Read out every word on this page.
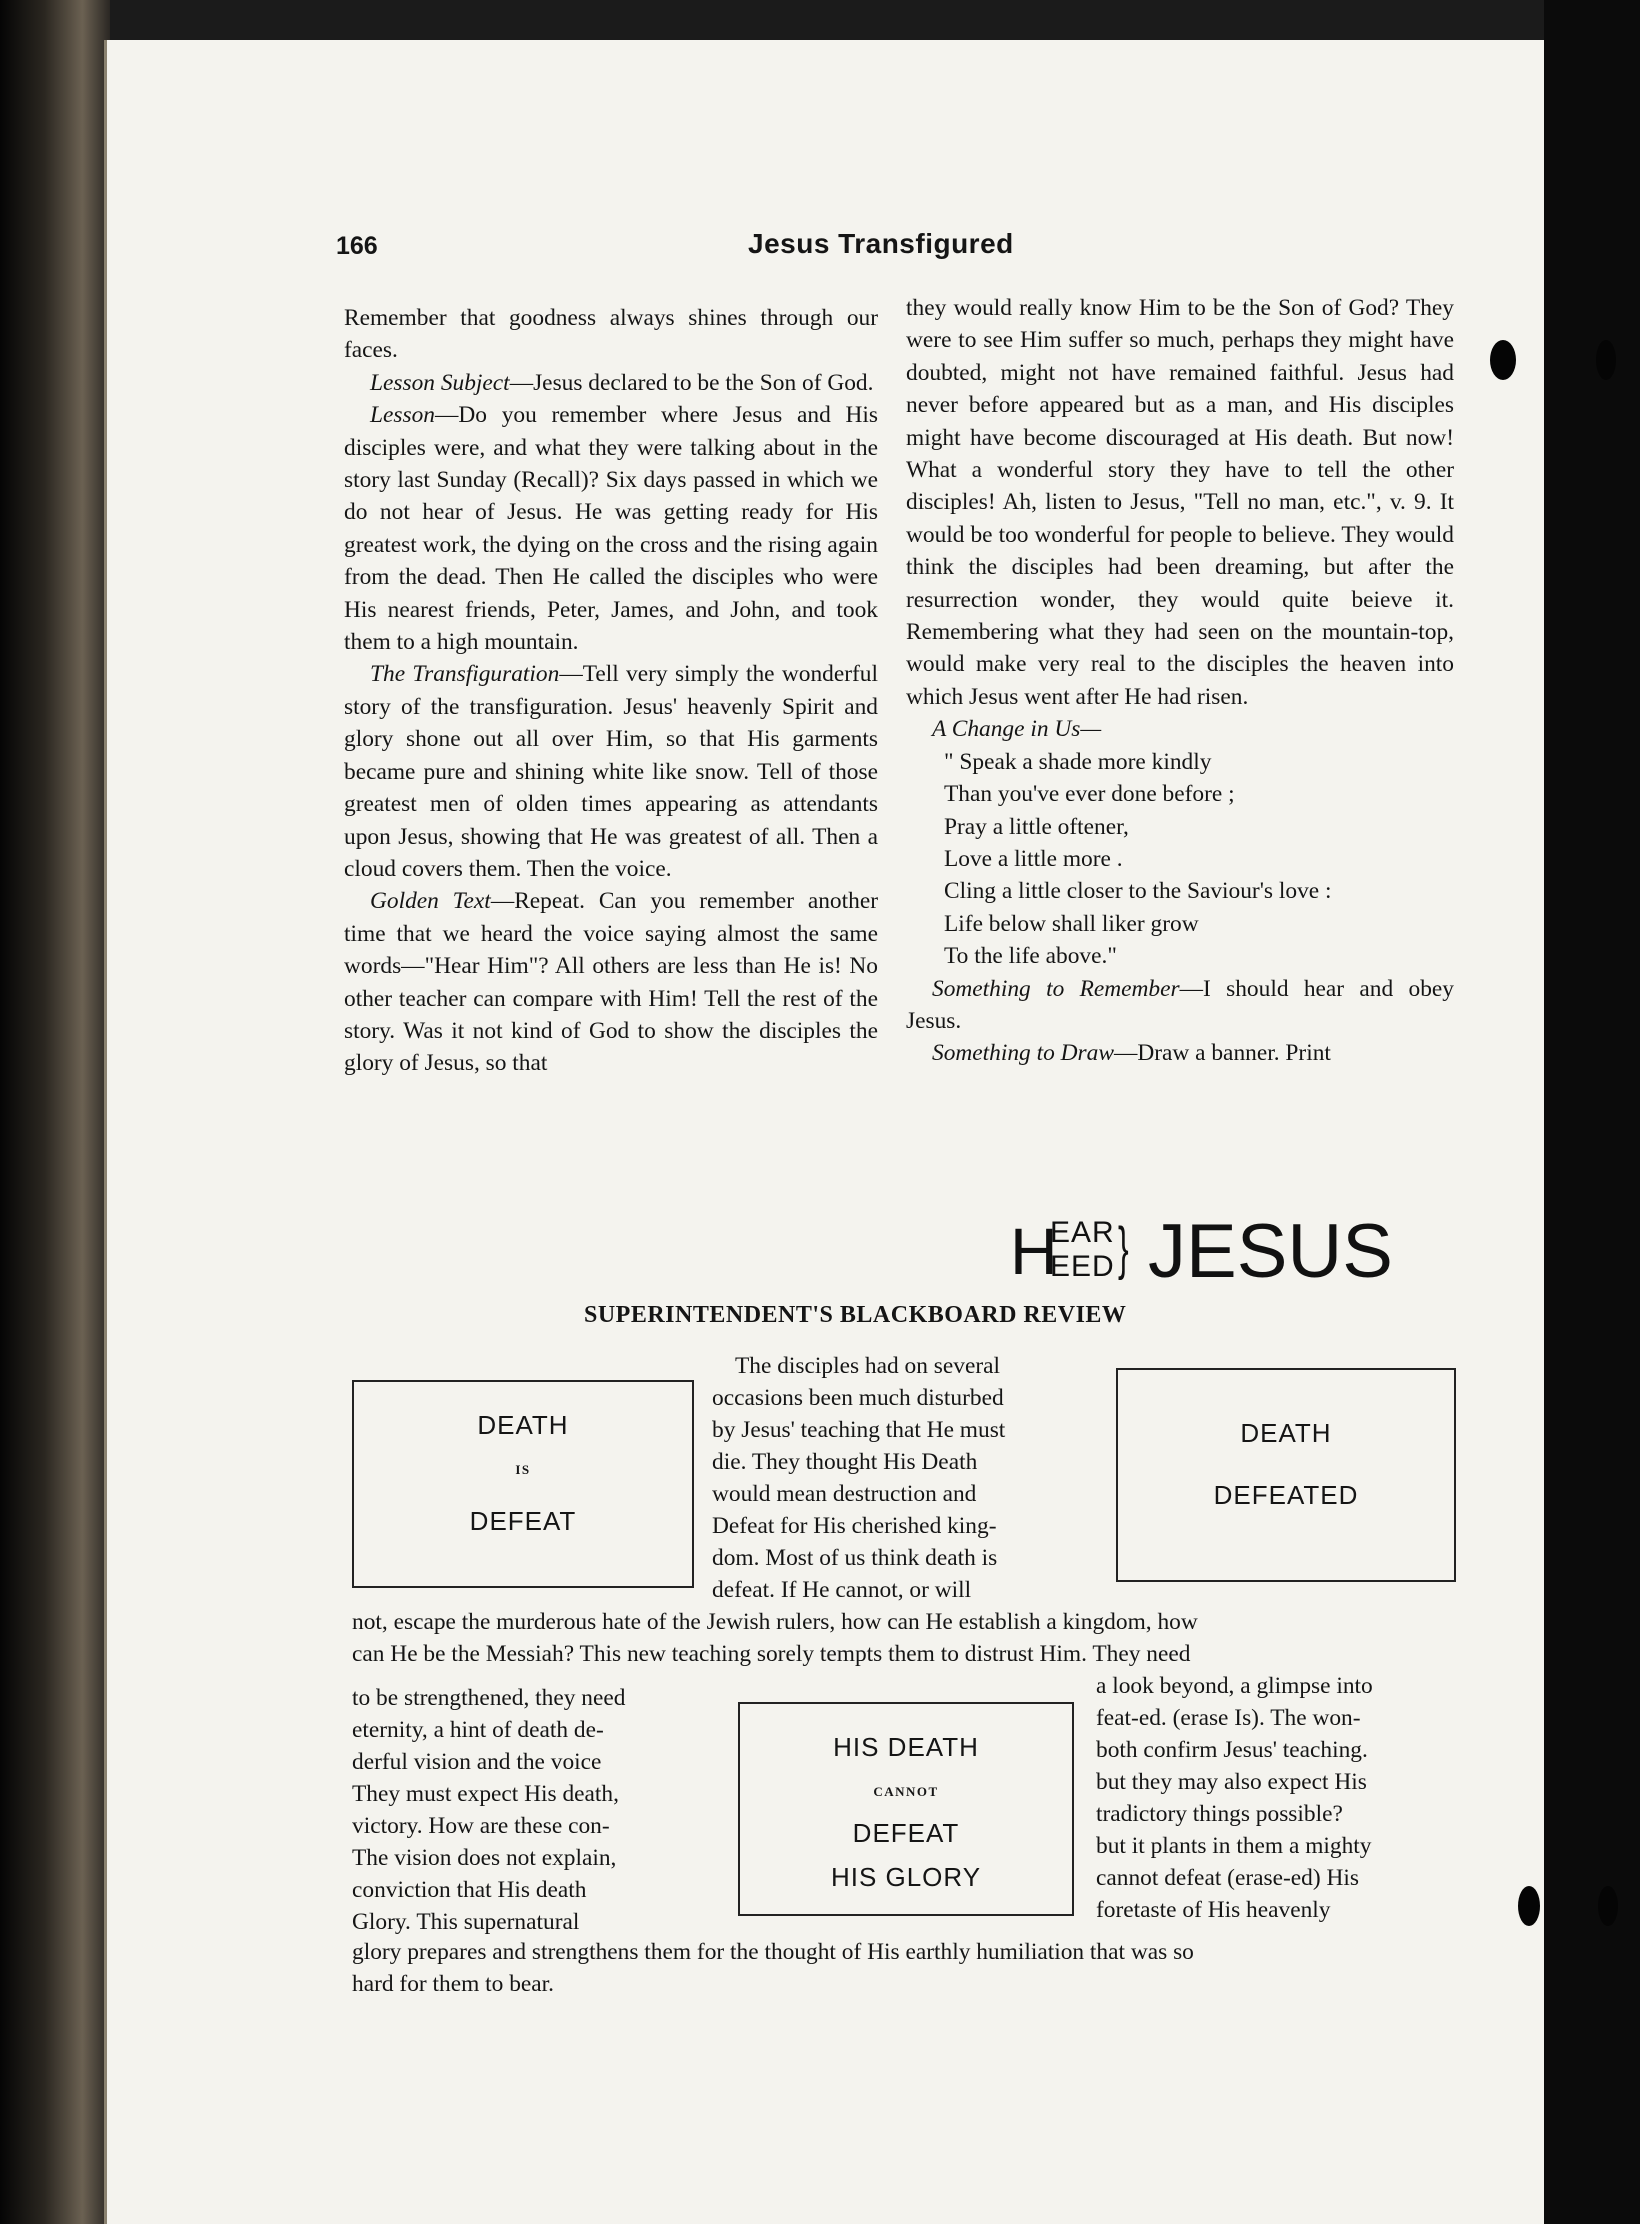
166	Jesus Transfigured

Remember that goodness always shines through our faces.

Lesson Subject—Jesus declared to be the Son of God.

Lesson—Do you remember where Jesus and His disciples were, and what they were talking about in the story last Sunday (Recall)? Six days passed in which we do not hear of Jesus. He was getting ready for His greatest work, the dying on the cross and the rising again from the dead. Then He called the disciples who were His nearest friends, Peter, James, and John, and took them to a high mountain.

The Transfiguration—Tell very simply the wonderful story of the transfiguration. Jesus' heavenly Spirit and glory shone out all over Him, so that His garments became pure and shining white like snow. Tell of those greatest men of olden times appearing as attendants upon Jesus, showing that He was greatest of all. Then a cloud covers them. Then the voice.

Golden Text—Repeat. Can you remember another time that we heard the voice saying almost the same words—"Hear Him"? All others are less than He is! No other teacher can compare with Him! Tell the rest of the story. Was it not kind of God to show the disciples the glory of Jesus, so that

they would really know Him to be the Son of God? They were to see Him suffer so much, perhaps they might have doubted, might not have remained faithful. Jesus had never before appeared but as a man, and His disciples might have become discouraged at His death. But now! What a wonderful story they have to tell the other disciples! Ah, listen to Jesus, "Tell no man, etc.", v. 9. It would be too wonderful for people to believe. They would think the disciples had been dreaming, but after the resurrection wonder, they would quite beieve it. Remembering what they had seen on the mountain-top, would make very real to the disciples the heaven into which Jesus went after He had risen.

A Change in Us—

" Speak a shade more kindly
Than you've ever done before ;
Pray a little oftener,
Love a little more .
Cling a little closer to the Saviour's love :
Life below shall liker grow
To the life above."

Something to Remember—I should hear and obey Jesus.

Something to Draw—Draw a banner. Print

H
EAR
EED } JESUS
SUPERINTENDENT'S BLACKBOARD REVIEW
DEATH
IS
DEFEAT
DEATH
DEFEATED
HIS DEATH
CANNOT
DEFEAT
HIS GLORY
The disciples had on several
occasions been much disturbed
by Jesus' teaching that He must
die. They thought His Death
would mean destruction and
Defeat for His cherished king-
dom. Most of us think death is
defeat. If He cannot, or will
not, escape the murderous hate of the Jewish rulers, how can He establish a kingdom, how
can He be the Messiah? This new teaching sorely tempts them to distrust Him. They need
to be strengthened, they need
eternity, a hint of death de-
derful vision and the voice
They must expect His death,
victory. How are these con-
The vision does not explain,
conviction that His death
Glory. This supernatural
a look beyond, a glimpse into
feat-ed. (erase Is). The won-
both confirm Jesus' teaching.
but they may also expect His
tradictory things possible?
but it plants in them a mighty
cannot defeat (erase-ed) His
foretaste of His heavenly
glory prepares and strengthens them for the thought of His earthly humiliation that was so
hard for them to bear.
